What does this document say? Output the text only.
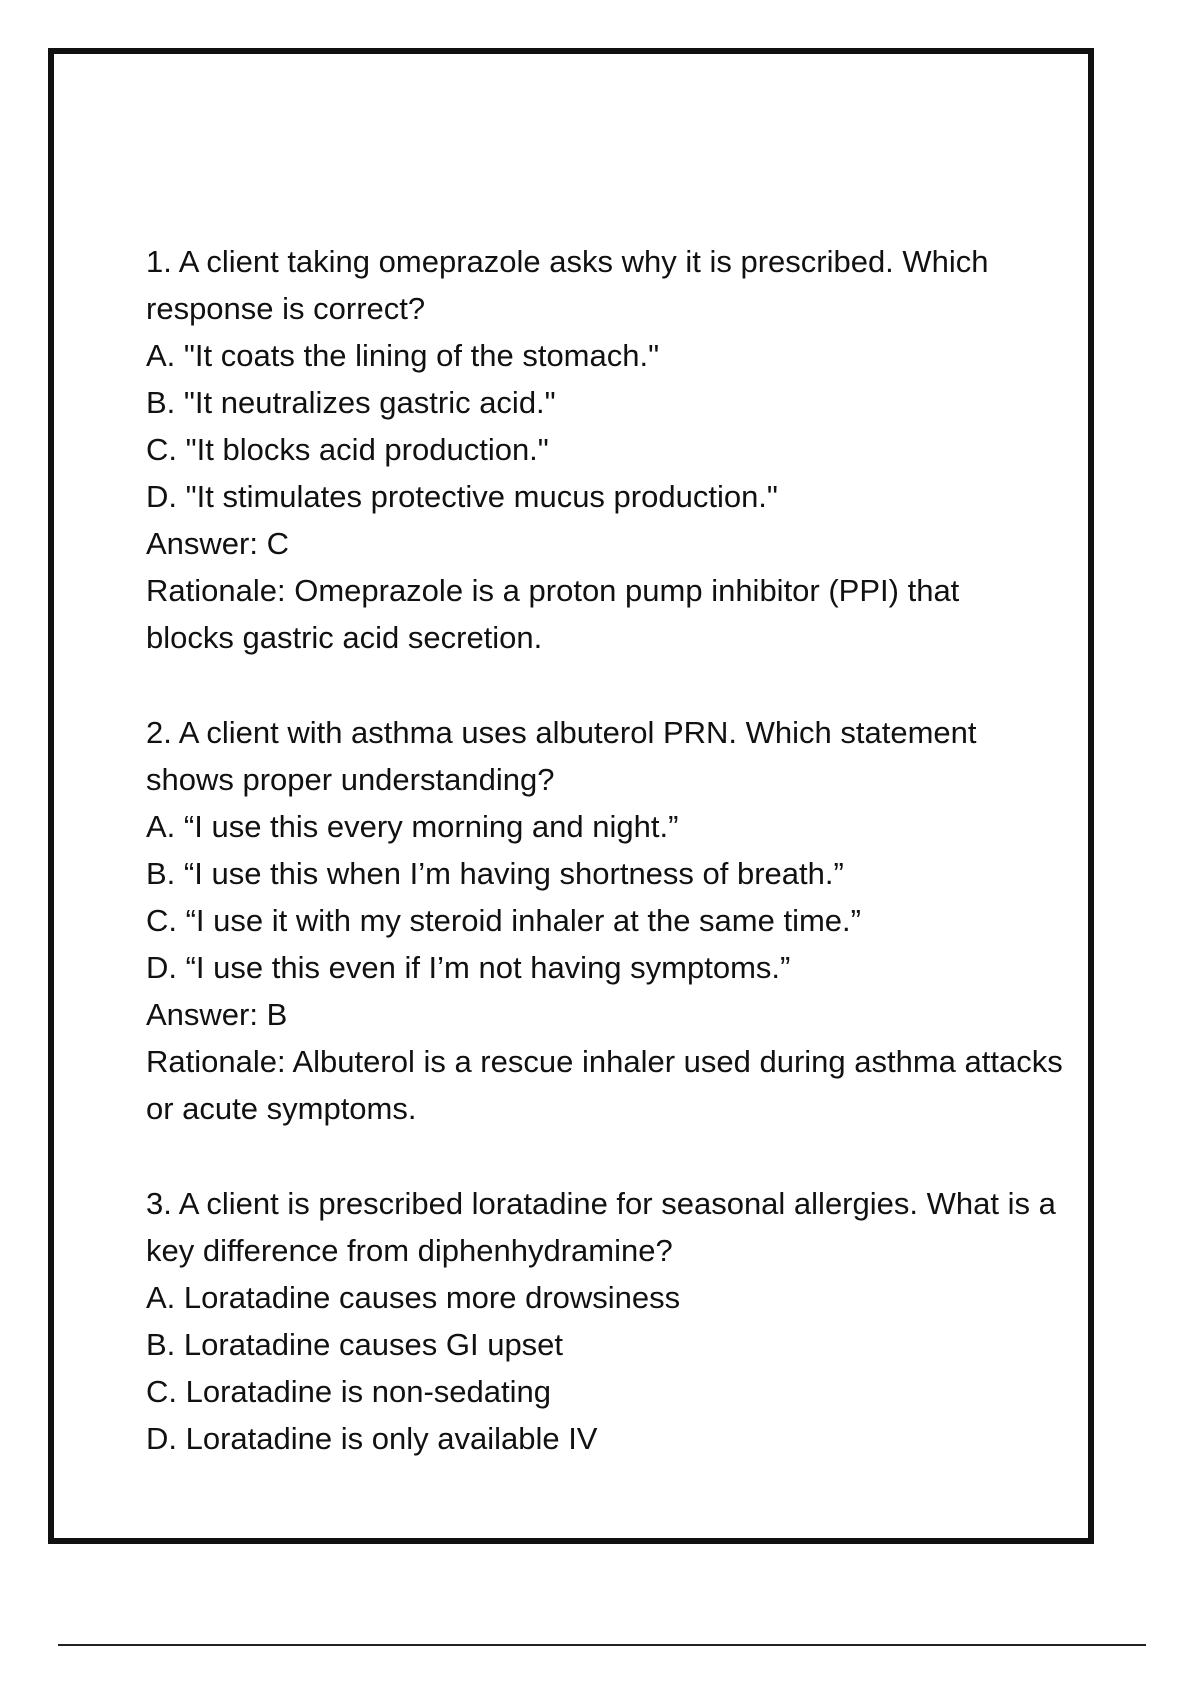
1. A client taking omeprazole asks why it is prescribed. Which
response is correct?
A. "It coats the lining of the stomach."
B. "It neutralizes gastric acid."
C. "It blocks acid production."
D. "It stimulates protective mucus production."
Answer: C
Rationale: Omeprazole is a proton pump inhibitor (PPI) that
blocks gastric acid secretion.
2. A client with asthma uses albuterol PRN. Which statement
shows proper understanding?
A. “I use this every morning and night.”
B. “I use this when I’m having shortness of breath.”
C. “I use it with my steroid inhaler at the same time.”
D. “I use this even if I’m not having symptoms.”
Answer: B
Rationale: Albuterol is a rescue inhaler used during asthma attacks
or acute symptoms.
3. A client is prescribed loratadine for seasonal allergies. What is a
key difference from diphenhydramine?
A. Loratadine causes more drowsiness
B. Loratadine causes GI upset
C. Loratadine is non-sedating
D. Loratadine is only available IV
